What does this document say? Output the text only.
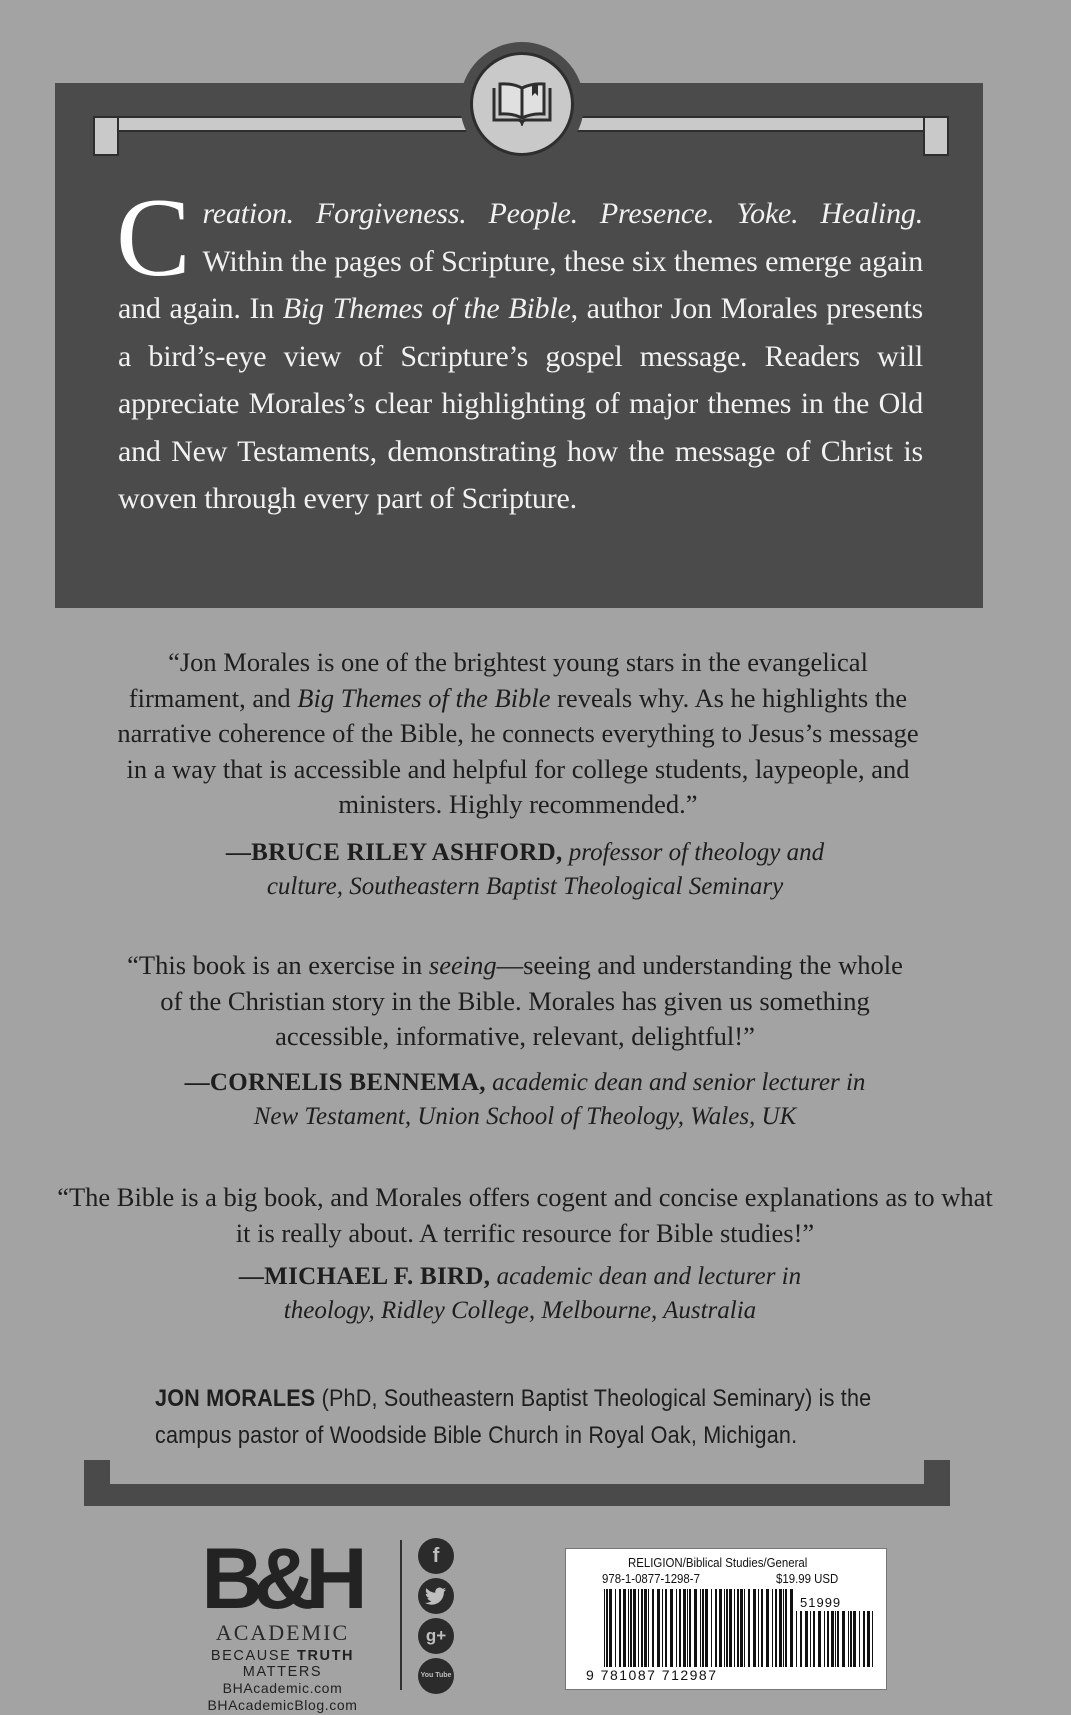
Creation. Forgiveness. People. Presence. Yoke. Healing. Within the pages of Scripture, these six themes emerge again and again. In Big Themes of the Bible, author Jon Morales presents a bird’s-eye view of Scripture’s gospel message. Readers will appreciate Morales’s clear highlighting of major themes in the Old and New Testaments, demonstrating how the message of Christ is woven through every part of Scripture.
“Jon Morales is one of the brightest young stars in the evangelical firmament, and Big Themes of the Bible reveals why. As he highlights the narrative coherence of the Bible, he connects everything to Jesus’s message in a way that is accessible and helpful for college students, laypeople, and ministers. Highly recommended.”
—BRUCE RILEY ASHFORD, professor of theology and culture, Southeastern Baptist Theological Seminary
“This book is an exercise in seeing—seeing and understanding the whole of the Christian story in the Bible. Morales has given us something accessible, informative, relevant, delightful!”
—CORNELIS BENNEMA, academic dean and senior lecturer in New Testament, Union School of Theology, Wales, UK
“The Bible is a big book, and Morales offers cogent and concise explanations as to what it is really about. A terrific resource for Bible studies!”
—MICHAEL F. BIRD, academic dean and lecturer in theology, Ridley College, Melbourne, Australia
JON MORALES (PhD, Southeastern Baptist Theological Seminary) is the campus pastor of Woodside Bible Church in Royal Oak, Michigan.
B&H
ACADEMIC
BECAUSE TRUTH MATTERS
BHAcademic.com
BHAcademicBlog.com
f
g+
You Tube
RELIGION/Biblical Studies/General
978-1-0877-1298-7	$19.99 USD
51999
9 781087 712987
